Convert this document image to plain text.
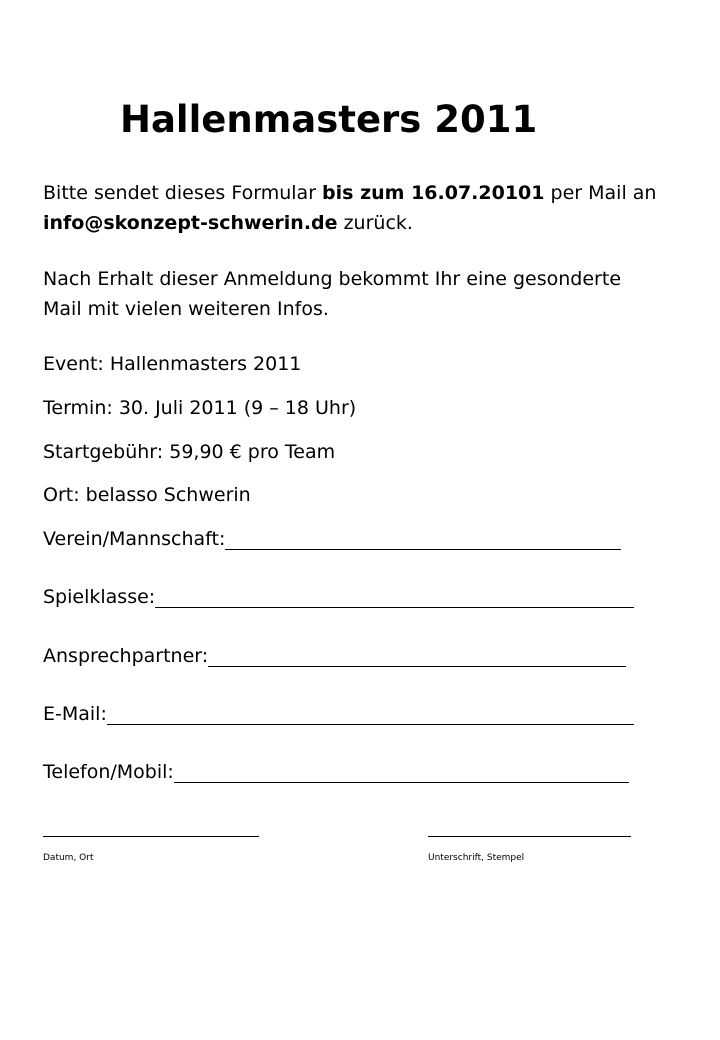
Hallenmasters 2011

Bitte sendet dieses Formular bis zum 16.07.20101 per Mail an
info@skonzept-schwerin.de zurück.

Nach Erhalt dieser Anmeldung bekommt Ihr eine gesonderte
Mail mit vielen weiteren Infos.

Event: Hallenmasters 2011

Termin: 30. Juli 2011 (9 – 18 Uhr)

Startgebühr: 59,90 € pro Team

Ort: belasso Schwerin

Verein/Mannschaft:
Spielklasse:
Ansprechpartner:
E-Mail:
Telefon/Mobil:
Datum, Ort	Unterschrift, Stempel
